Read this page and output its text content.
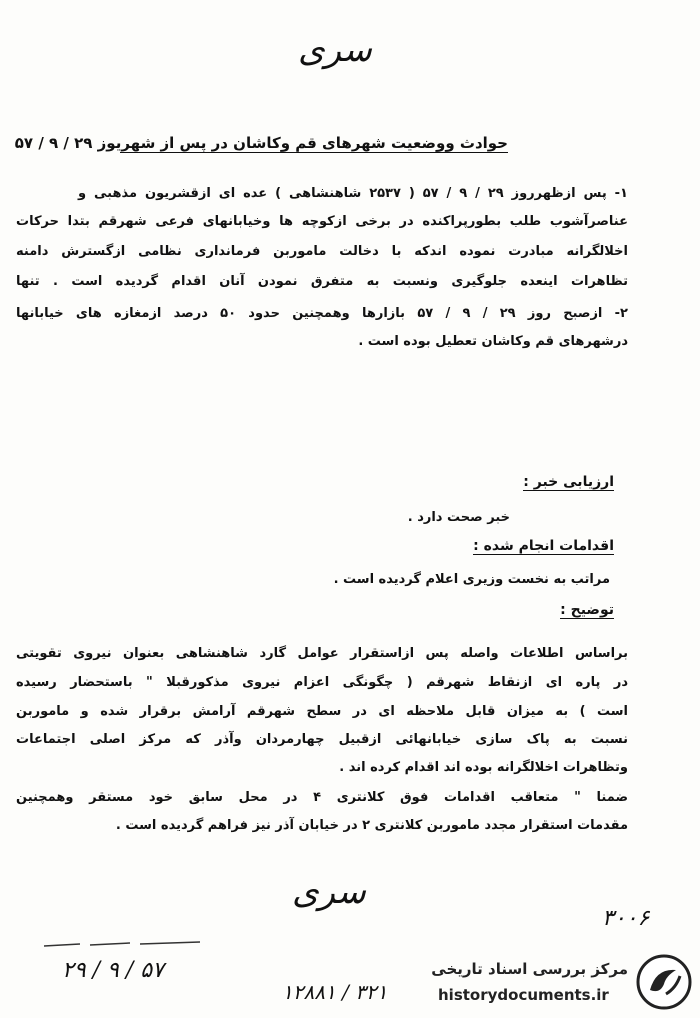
سری
حوادث ووضعیت شهرهای قم وکاشان در پس از شهریوز ۲۹ / ۹ / ۵۷
۱- پس ازظهرروز ۲۹ / ۹ / ۵۷ ( ۲۵۳۷ شاهنشاهی ) عده ای ازقشریون مذهبی و
عناصرآشوب طلب بطورپراکنده در برخی ازکوچه ها وخیابانهای فرعی شهرقم بتدا حرکات
اخلالگرانه مبادرت نموده اندکه با دخالت ماموربن فرمانداری نظامی ازگسترش دامنه
تظاهرات اینعده جلوگیری ونسبت به متفرق نمودن آنان اقدام گردیده است . تنها
۲- ازصبح روز ۲۹ / ۹ / ۵۷ بازارها وهمچنین حدود ۵۰ درصد ازمغازه های خیابانها
درشهرهای قم وکاشان تعطیل بوده است .
ارزیابی خبر :
خبر صحت دارد .
اقدامات انجام شده :
مراتب به نخست وزیری اعلام گردیده است .
توضیح :
براساس اطلاعات واصله پس ازاستقرار عوامل گارد شاهنشاهی بعنوان نیروی تقویتی
در پاره ای ازنقاط شهرقم ( چگونگی اعزام نیروی مذکورقبلا " باستحضار رسیده
است ) به میزان قابل ملاحظه ای در سطح شهرقم آرامش برقرار شده و ماموربن
نسبت به پاک سازی خیابانهائی ازقبیل چهارمردان وآذر که مرکز اصلی اجتماعات
وتظاهرات اخلالگرانه بوده اند اقدام کرده اند .
ضمنا " متعاقب اقدامات فوق کلانتری ۴ در محل سابق خود مستقر وهمچنین
مقدمات استقرار مجدد ماموربن کلانتری ۲ در خیابان آذر نیز فراهم گردیده است .
سری
۳۰۰۶
۵۷ / ۹ / ۲۹
۳۲۱ / ۱۲۸۸۱
مرکز بررسی اسناد تاریخی
historydocuments.ir
